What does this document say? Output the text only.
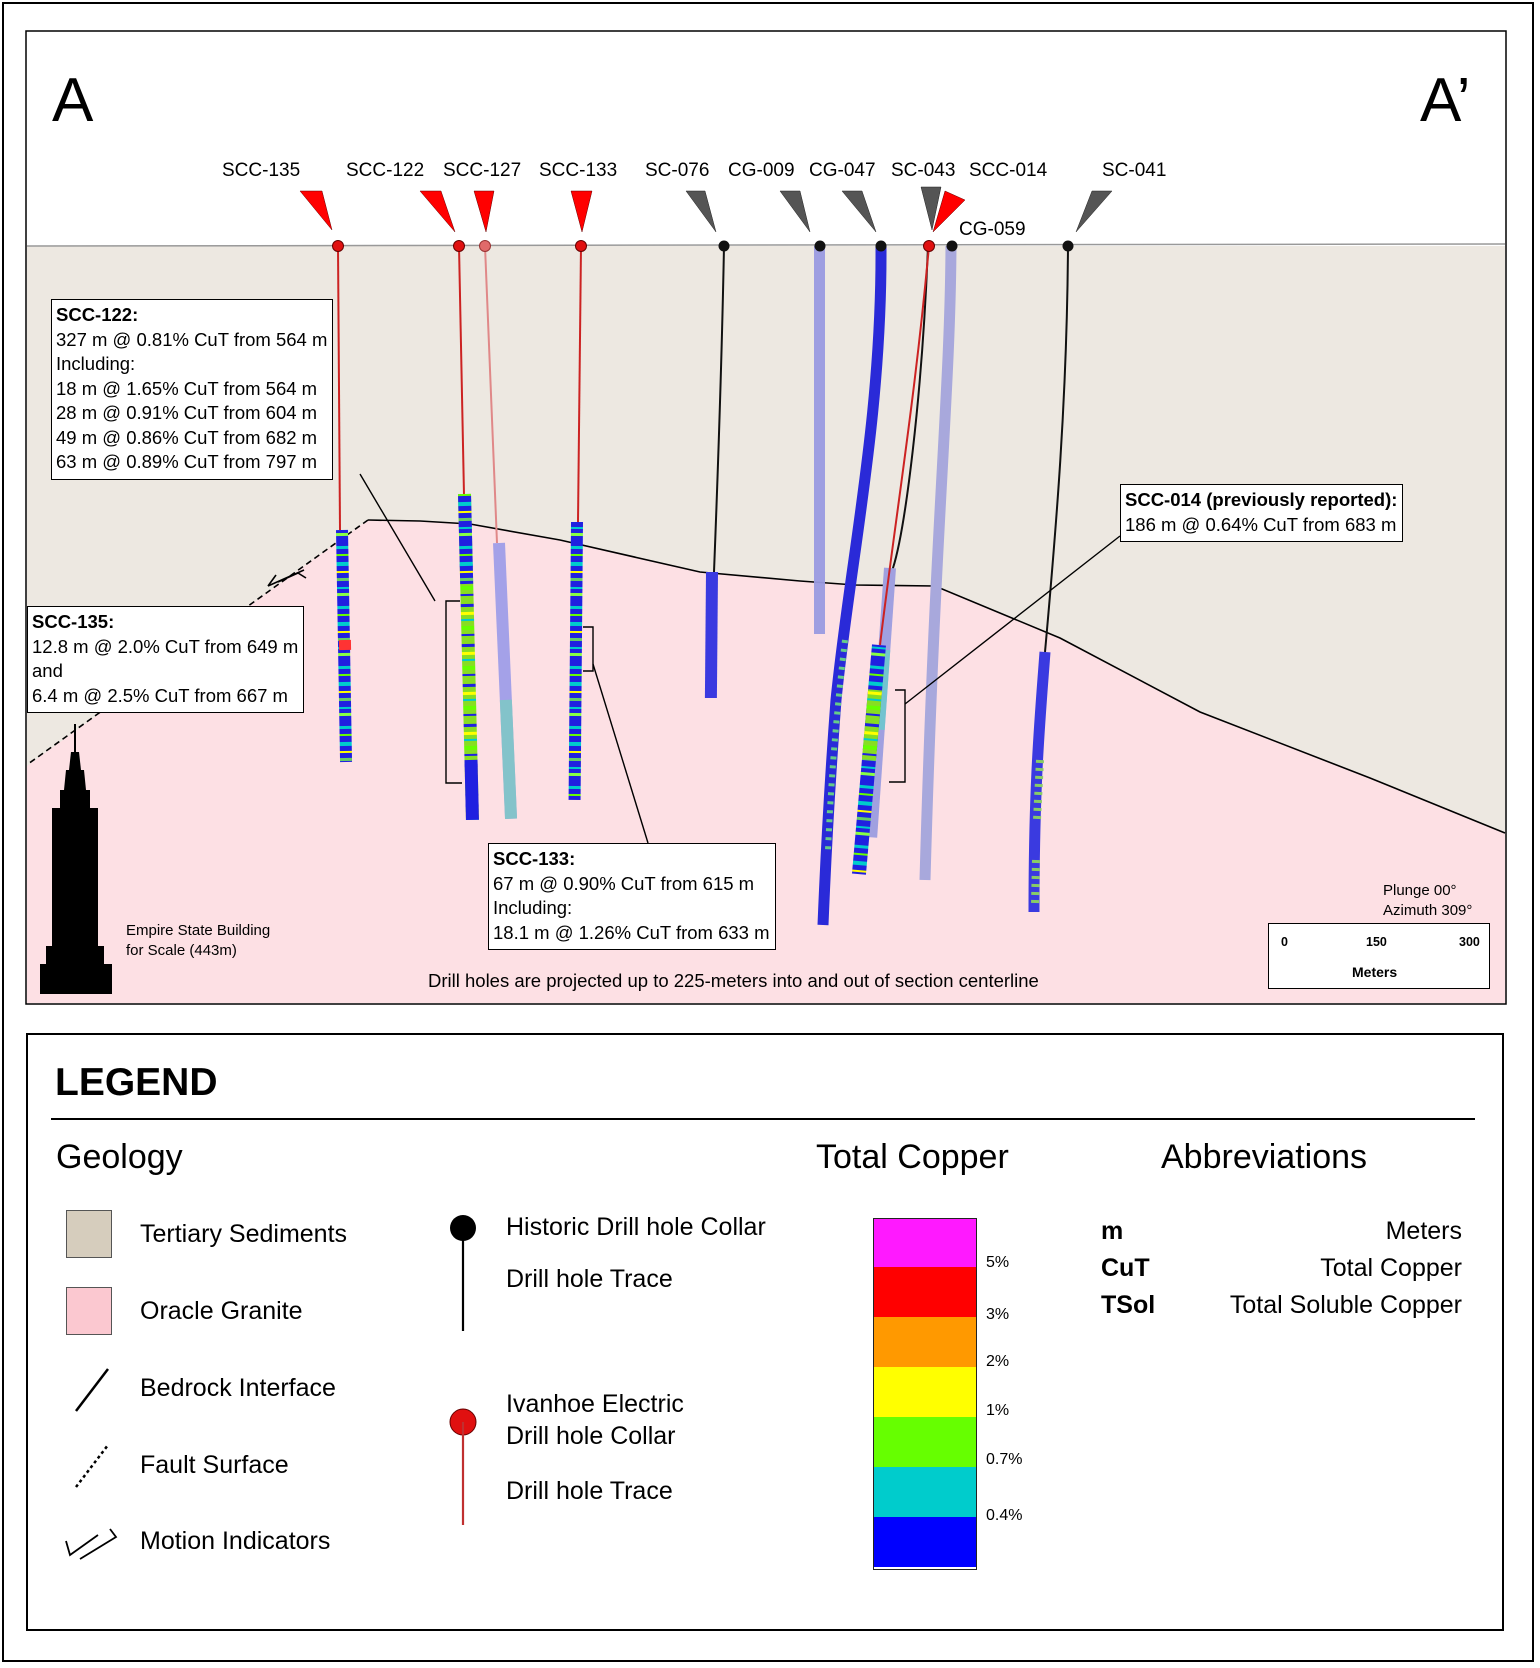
A	A’
SCC-135 SCC-122 SCC-127 SCC-133 SC-076 CG-009 CG-047 SC-043 SCC-014	SC-041
CG-059
SCC-122:
327 m @ 0.81% CuT from 564 m
Including:
18 m @ 1.65% CuT from 564 m
28 m @ 0.91% CuT from 604 m
49 m @ 0.86% CuT from 682 m
63 m @ 0.89% CuT from 797 m
SCC-135:
12.8 m @ 2.0% CuT from 649 m
and
6.4 m @ 2.5% CuT from 667 m
SCC-014 (previously reported):
186 m @ 0.64% CuT from 683 m
SCC-133:
67 m @ 0.90% CuT from 615 m
Including:
18.1 m @ 1.26% CuT from 633 m
Empire State Building
for Scale (443m)
Drill holes are projected up to 225-meters into and out of section centerline
Plunge 00°
Azimuth 309°
0	150	300
Meters
LEGEND
Geology
Tertiary Sediments
Oracle Granite
Bedrock Interface
Fault Surface
Motion Indicators
Historic Drill hole Collar
Drill hole Trace
Ivanhoe Electric
Drill hole Collar
Drill hole Trace
Total Copper
5%
3%
2%
1%
0.7%
0.4%
Abbreviations
m	Meters
CuT	Total Copper
TSol	Total Soluble Copper
